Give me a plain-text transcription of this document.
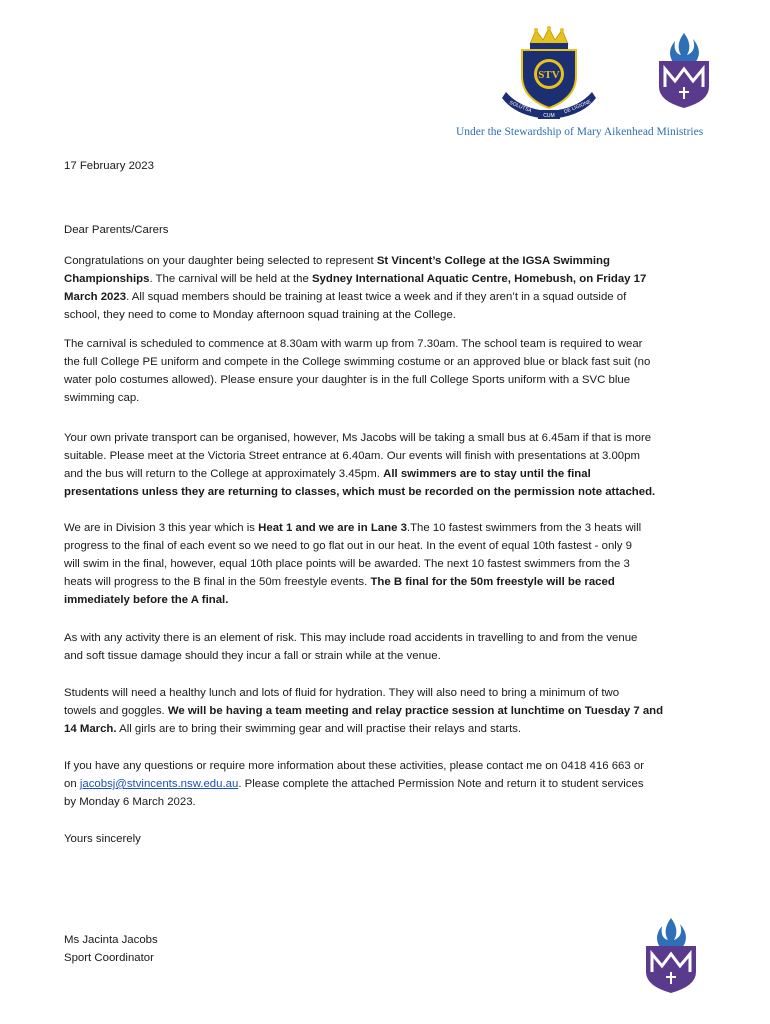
STV
SOLUTSA	DE LIGIONE
CUM
Under the Stewardship of Mary Aikenhead Ministries
17 February 2023
Dear Parents/Carers
Congratulations on your daughter being selected to represent St Vincent’s College at the IGSA Swimming
Championships. The carnival will be held at the Sydney International Aquatic Centre, Homebush, on Friday 17
March 2023. All squad members should be training at least twice a week and if they aren’t in a squad outside of
school, they need to come to Monday afternoon squad training at the College.
The carnival is scheduled to commence at 8.30am with warm up from 7.30am. The school team is required to wear
the full College PE uniform and compete in the College swimming costume or an approved blue or black fast suit (no
water polo costumes allowed). Please ensure your daughter is in the full College Sports uniform with a SVC blue
swimming cap.
Your own private transport can be organised, however, Ms Jacobs will be taking a small bus at 6.45am if that is more
suitable. Please meet at the Victoria Street entrance at 6.40am. Our events will finish with presentations at 3.00pm
and the bus will return to the College at approximately 3.45pm. All swimmers are to stay until the final
presentations unless they are returning to classes, which must be recorded on the permission note attached.
We are in Division 3 this year which is Heat 1 and we are in Lane 3.The 10 fastest swimmers from the 3 heats will
progress to the final of each event so we need to go flat out in our heat. In the event of equal 10th fastest - only 9
will swim in the final, however, equal 10th place points will be awarded. The next 10 fastest swimmers from the 3
heats will progress to the B final in the 50m freestyle events. The B final for the 50m freestyle will be raced
immediately before the A final.
As with any activity there is an element of risk. This may include road accidents in travelling to and from the venue
and soft tissue damage should they incur a fall or strain while at the venue.
Students will need a healthy lunch and lots of fluid for hydration. They will also need to bring a minimum of two
towels and goggles. We will be having a team meeting and relay practice session at lunchtime on Tuesday 7 and
14 March. All girls are to bring their swimming gear and will practise their relays and starts.
If you have any questions or require more information about these activities, please contact me on 0418 416 663 or
on jacobsj@stvincents.nsw.edu.au. Please complete the attached Permission Note and return it to student services
by Monday 6 March 2023.
Yours sincerely
Ms Jacinta Jacobs
Sport Coordinator
